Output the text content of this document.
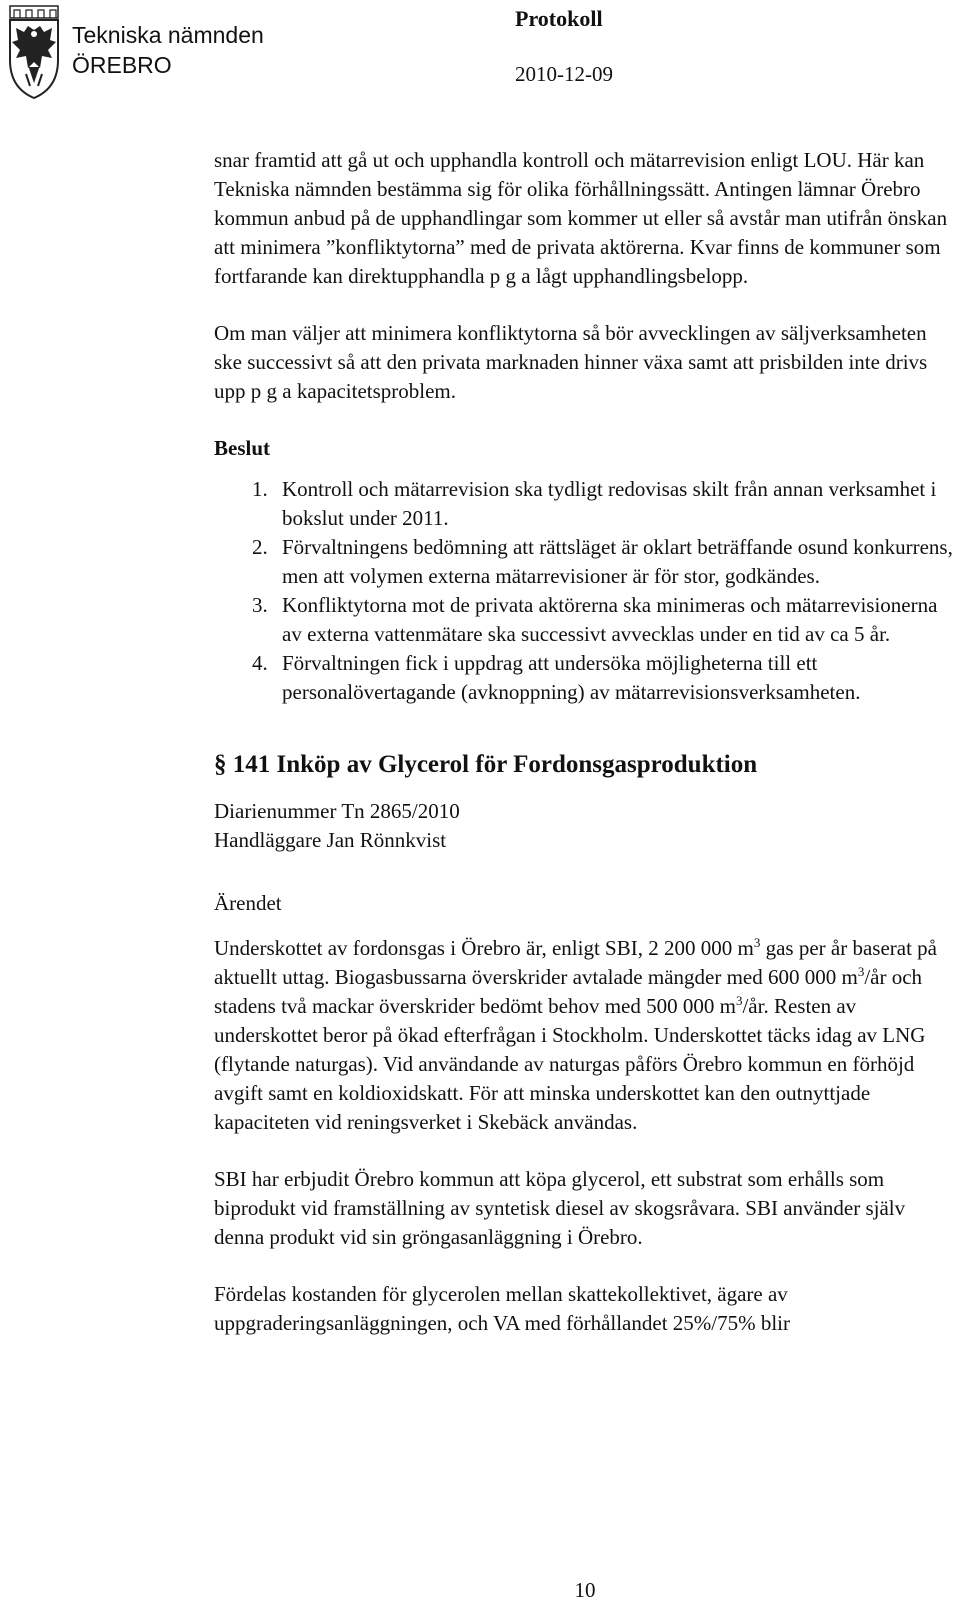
Tekniska nämnden
ÖREBRO
Protokoll
2010-12-09

snar framtid att gå ut och upphandla kontroll och mätarrevision enligt LOU. Här kan Tekniska nämnden bestämma sig för olika förhållningssätt. Antingen lämnar Örebro kommun anbud på de upphandlingar som kommer ut eller så avstår man utifrån önskan att minimera ”konfliktytorna” med de privata aktörerna. Kvar finns de kommuner som fortfarande kan direktupphandla p g a lågt upphandlingsbelopp.

Om man väljer att minimera konfliktytorna så bör avvecklingen av säljverksamheten ske successivt så att den privata marknaden hinner växa samt att prisbilden inte drivs upp p g a kapacitetsproblem.

Beslut
1. Kontroll och mätarrevision ska tydligt redovisas skilt från annan verksamhet i bokslut under 2011.
2. Förvaltningens bedömning att rättsläget är oklart beträffande osund konkurrens, men att volymen externa mätarrevisioner är för stor, godkändes.
3. Konfliktytorna mot de privata aktörerna ska minimeras och mätarrevisionerna av externa vattenmätare ska successivt avvecklas under en tid av ca 5 år.
4. Förvaltningen fick i uppdrag att undersöka möjligheterna till ett personalövertagande (avknoppning) av mätarrevisionsverksamheten.
§ 141 Inköp av Glycerol för Fordonsgasproduktion

Diarienummer Tn 2865/2010

Handläggare Jan Rönnkvist

Ärendet

Underskottet av fordonsgas i Örebro är, enligt SBI, 2 200 000 $m^3$ gas per år baserat på aktuellt uttag. Biogasbussarna överskrider avtalade mängder med 600 000 $m^3/år$ och stadens två mackar överskrider bedömt behov med 500 000 $m^3/år$. Resten av underskottet beror på ökad efterfrågan i Stockholm. Underskottet täcks idag av LNG (flytande naturgas). Vid användande av naturgas påförs Örebro kommun en förhöjd avgift samt en koldioxidskatt. För att minska underskottet kan den outnyttjade kapaciteten vid reningsverket i Skebäck användas.

SBI har erbjudit Örebro kommun att köpa glycerol, ett substrat som erhålls som biprodukt vid framställning av syntetisk diesel av skogsråvara. SBI använder själv denna produkt vid sin gröngasanläggning i Örebro.

Fördelas kostanden för glycerolen mellan skattekollektivet, ägare av uppgraderingsanläggningen, och VA med förhållandet 25%/75% blir

10
